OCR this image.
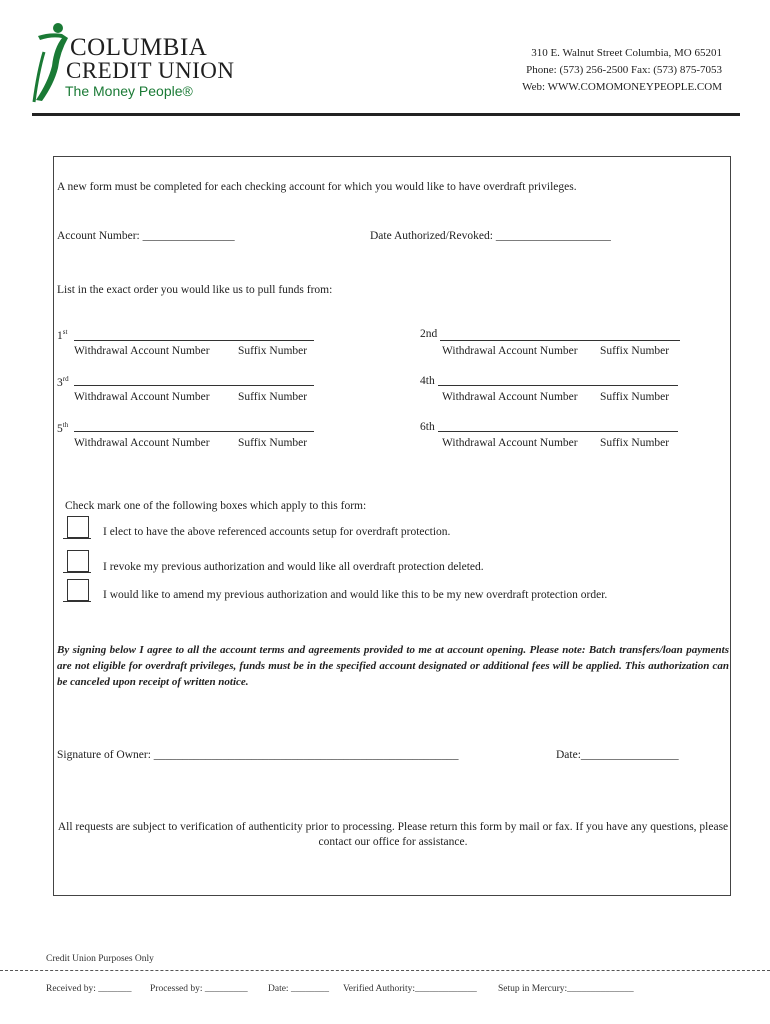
COLUMBIA
CREDIT UNION
The Money People®
310 E. Walnut Street Columbia, MO 65201
Phone: (573) 256-2500 Fax: (573) 875-7053
Web: WWW.COMOMONEYPEOPLE.COM
A new form must be completed for each checking account for which you would like to have overdraft privileges.
Account Number: ________________	Date Authorized/Revoked: ____________________
List in the exact order you would like us to pull funds from:
1st
Withdrawal Account Number Suffix Number
2nd
Withdrawal Account Number Suffix Number
3rd
Withdrawal Account Number Suffix Number
4th
Withdrawal Account Number Suffix Number
5th
Withdrawal Account Number Suffix Number
6th
Withdrawal Account Number Suffix Number
Check mark one of the following boxes which apply to this form:
I elect to have the above referenced accounts setup for overdraft protection.
I revoke my previous authorization and would like all overdraft protection deleted.
I would like to amend my previous authorization and would like this to be my new overdraft protection order.
By signing below I agree to all the account terms and agreements provided to me at account opening. Please note: Batch transfers/loan payments are not eligible for overdraft privileges, funds must be in the specified account designated or additional fees will be applied. This authorization can be canceled upon receipt of written notice.
Signature of Owner: _____________________________________________________	Date:_________________
All requests are subject to verification of authenticity prior to processing. Please return this form by mail or fax. If you have any questions, please contact our office for assistance.
Credit Union Purposes Only
Received by: _______ Processed by: _________ Date: ________ Verified Authority:_____________ Setup in Mercury:______________
